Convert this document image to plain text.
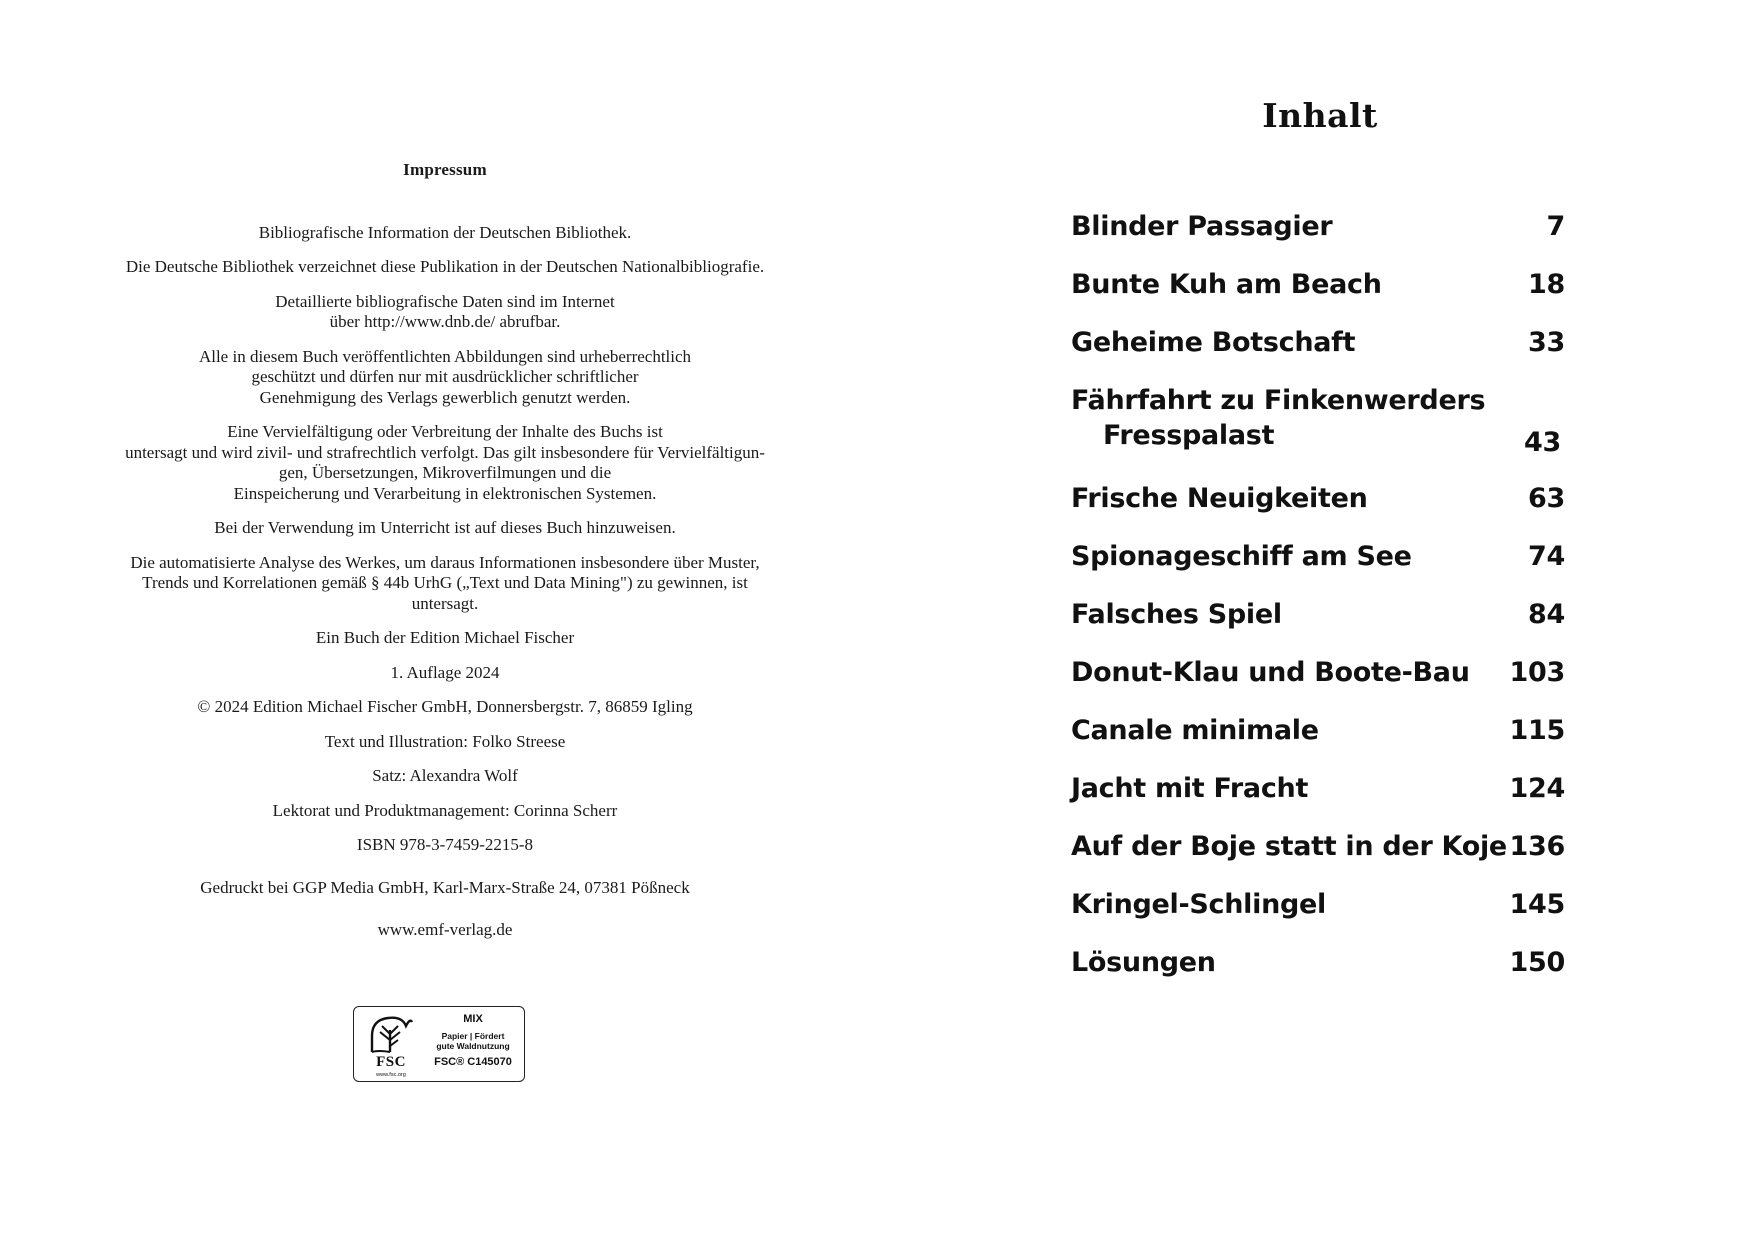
Impressum
Bibliografische Information der Deutschen Bibliothek.
Die Deutsche Bibliothek verzeichnet diese Publikation in der Deutschen Nationalbibliografie.
Detaillierte bibliografische Daten sind im Internet
über http://www.dnb.de/ abrufbar.
Alle in diesem Buch veröffentlichten Abbildungen sind urheberrechtlich
geschützt und dürfen nur mit ausdrücklicher schriftlicher
Genehmigung des Verlags gewerblich genutzt werden.
Eine Vervielfältigung oder Verbreitung der Inhalte des Buchs ist
untersagt und wird zivil- und strafrechtlich verfolgt. Das gilt insbesondere für Vervielfältigun-
gen, Übersetzungen, Mikroverfilmungen und die
Einspeicherung und Verarbeitung in elektronischen Systemen.
Bei der Verwendung im Unterricht ist auf dieses Buch hinzuweisen.
Die automatisierte Analyse des Werkes, um daraus Informationen insbesondere über Muster,
Trends und Korrelationen gemäß § 44b UrhG („Text und Data Mining") zu gewinnen, ist
untersagt.
Ein Buch der Edition Michael Fischer
1. Auflage 2024
© 2024 Edition Michael Fischer GmbH, Donnersbergstr. 7, 86859 Igling
Text und Illustration: Folko Streese
Satz: Alexandra Wolf
Lektorat und Produktmanagement: Corinna Scherr
ISBN 978-3-7459-2215-8
Gedruckt bei GGP Media GmbH, Karl-Marx-Straße 24, 07381 Pößneck
www.emf-verlag.de
FSC
www.fsc.org
MIX
Papier | Fördert
gute Waldnutzung
FSC® C145070
Inhalt
Blinder Passagier	7
Bunte Kuh am Beach	18
Geheime Botschaft	33
Fährfahrt zu Finkenwerders
Fresspalast	43
Frische Neuigkeiten	63
Spionageschiff am See	74
Falsches Spiel	84
Donut-Klau und Boote-Bau 103
Canale minimale	115
Jacht mit Fracht	124
Auf der Boje statt in der Koje 136
Kringel-Schlingel	145
Lösungen	150
